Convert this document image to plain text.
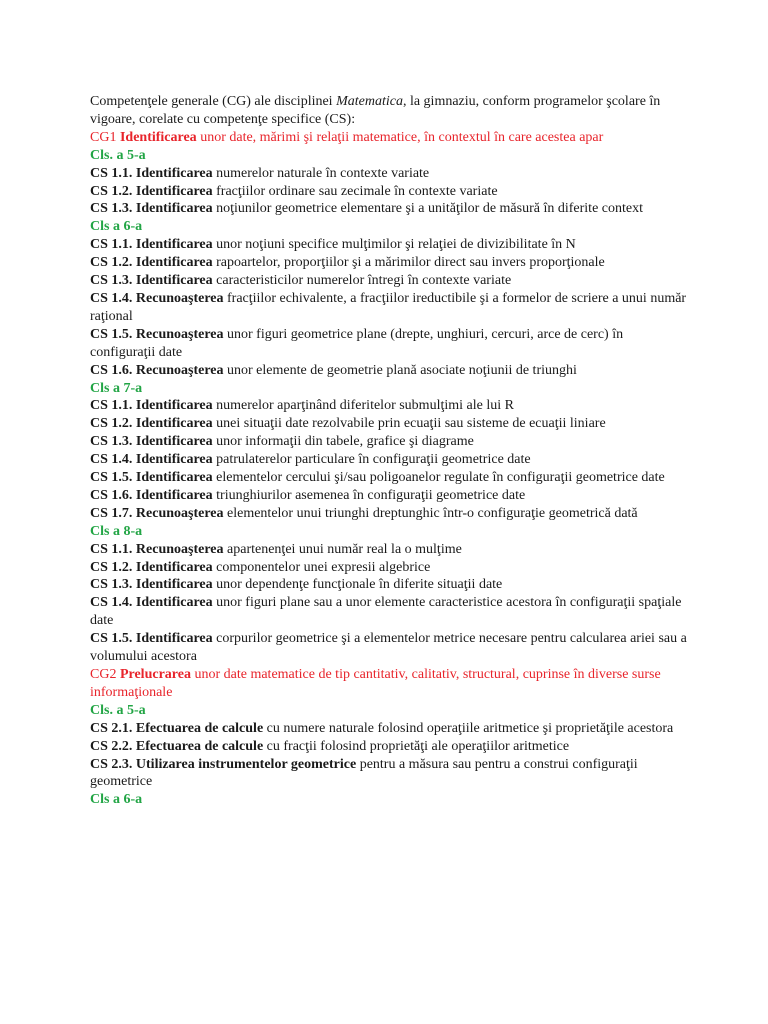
Competenţele generale (CG) ale disciplinei Matematica, la gimnaziu, conform programelor şcolare în vigoare, corelate cu competenţe specifice (CS):

CG1 Identificarea unor date, mărimi şi relaţii matematice, în contextul în care acestea apar

Cls. a 5-a

CS 1.1. Identificarea numerelor naturale în contexte variate

CS 1.2. Identificarea fracţiilor ordinare sau zecimale în contexte variate

CS 1.3. Identificarea noţiunilor geometrice elementare şi a unităţilor de măsură în diferite context

Cls a 6-a

CS 1.1. Identificarea unor noţiuni specifice mulţimilor şi relaţiei de divizibilitate în N

CS 1.2. Identificarea rapoartelor, proporţiilor şi a mărimilor direct sau invers proporţionale

CS 1.3. Identificarea caracteristicilor numerelor întregi în contexte variate

CS 1.4. Recunoaşterea fracţiilor echivalente, a fracţiilor ireductibile şi a formelor de scriere a unui număr raţional

CS 1.5. Recunoaşterea unor figuri geometrice plane (drepte, unghiuri, cercuri, arce de cerc) în configuraţii date

CS 1.6. Recunoaşterea unor elemente de geometrie plană asociate noţiunii de triunghi

Cls a 7-a

CS 1.1. Identificarea numerelor aparţinând diferitelor submulţimi ale lui R

CS 1.2. Identificarea unei situaţii date rezolvabile prin ecuaţii sau sisteme de ecuaţii liniare

CS 1.3. Identificarea unor informaţii din tabele, grafice şi diagrame

CS 1.4. Identificarea patrulaterelor particulare în configuraţii geometrice date

CS 1.5. Identificarea elementelor cercului şi/sau poligoanelor regulate în configuraţii geometrice date

CS 1.6. Identificarea triunghiurilor asemenea în configuraţii geometrice date

CS 1.7. Recunoaşterea elementelor unui triunghi dreptunghic într-o configuraţie geometrică dată

Cls a 8-a

CS 1.1. Recunoaşterea apartenenţei unui număr real la o mulţime

CS 1.2. Identificarea componentelor unei expresii algebrice

CS 1.3. Identificarea unor dependenţe funcţionale în diferite situaţii date

CS 1.4. Identificarea unor figuri plane sau a unor elemente caracteristice acestora în configuraţii spaţiale date

CS 1.5. Identificarea corpurilor geometrice şi a elementelor metrice necesare pentru calcularea ariei sau a volumului acestora

CG2 Prelucrarea unor date matematice de tip cantitativ, calitativ, structural, cuprinse în diverse surse informaţionale

Cls. a 5-a

CS 2.1. Efectuarea de calcule cu numere naturale folosind operaţiile aritmetice şi proprietăţile acestora

CS 2.2. Efectuarea de calcule cu fracţii folosind proprietăţi ale operaţiilor aritmetice

CS 2.3. Utilizarea instrumentelor geometrice pentru a măsura sau pentru a construi configuraţii geometrice

Cls a 6-a
